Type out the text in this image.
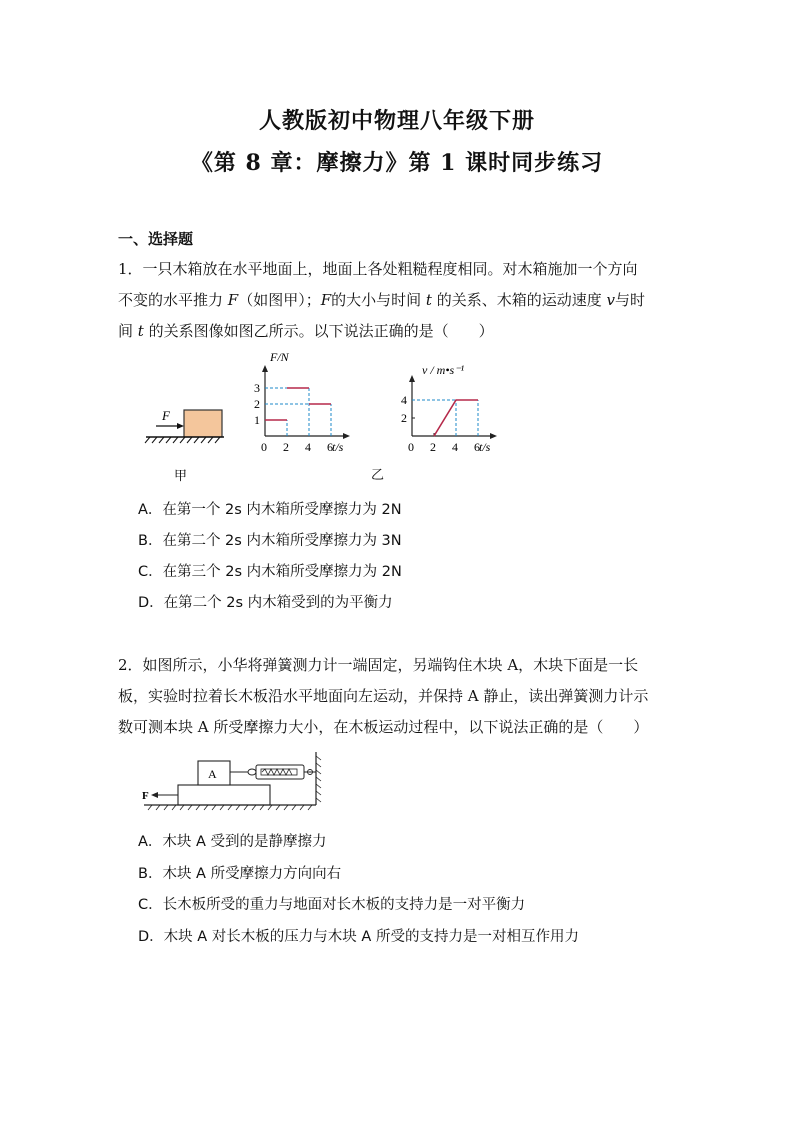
人教版初中物理八年级下册
《第 8 章：摩擦力》第 1 课时同步练习
一、选择题
1．一只木箱放在水平地面上，地面上各处粗糙程度相同。对木箱施加一个方向
不变的水平推力 F（如图甲）；F的大小与时间 t 的关系、木箱的运动速度 v与时
间 t 的关系图像如图乙所示。以下说法正确的是（　　）
F
甲
0 2 4 6
1
2
3
t/s
F/N
0 2 4 6
2
4
t/s
v / m•s⁻¹
乙
A．在第一个 2s 内木箱所受摩擦力为 2N
B．在第二个 2s 内木箱所受摩擦力为 3N
C．在第三个 2s 内木箱所受摩擦力为 2N
D．在第二个 2s 内木箱受到的为平衡力
2．如图所示，小华将弹簧测力计一端固定，另端钩住木块 A，木块下面是一长
板，实验时拉着长木板沿水平地面向左运动，并保持 A 静止，读出弹簧测力计示
数可测本块 A 所受摩擦力大小，在木板运动过程中，以下说法正确的是（　　）
A
F
A．木块 A 受到的是静摩擦力
B．木块 A 所受摩擦力方向向右
C．长木板所受的重力与地面对长木板的支持力是一对平衡力
D．木块 A 对长木板的压力与木块 A 所受的支持力是一对相互作用力
